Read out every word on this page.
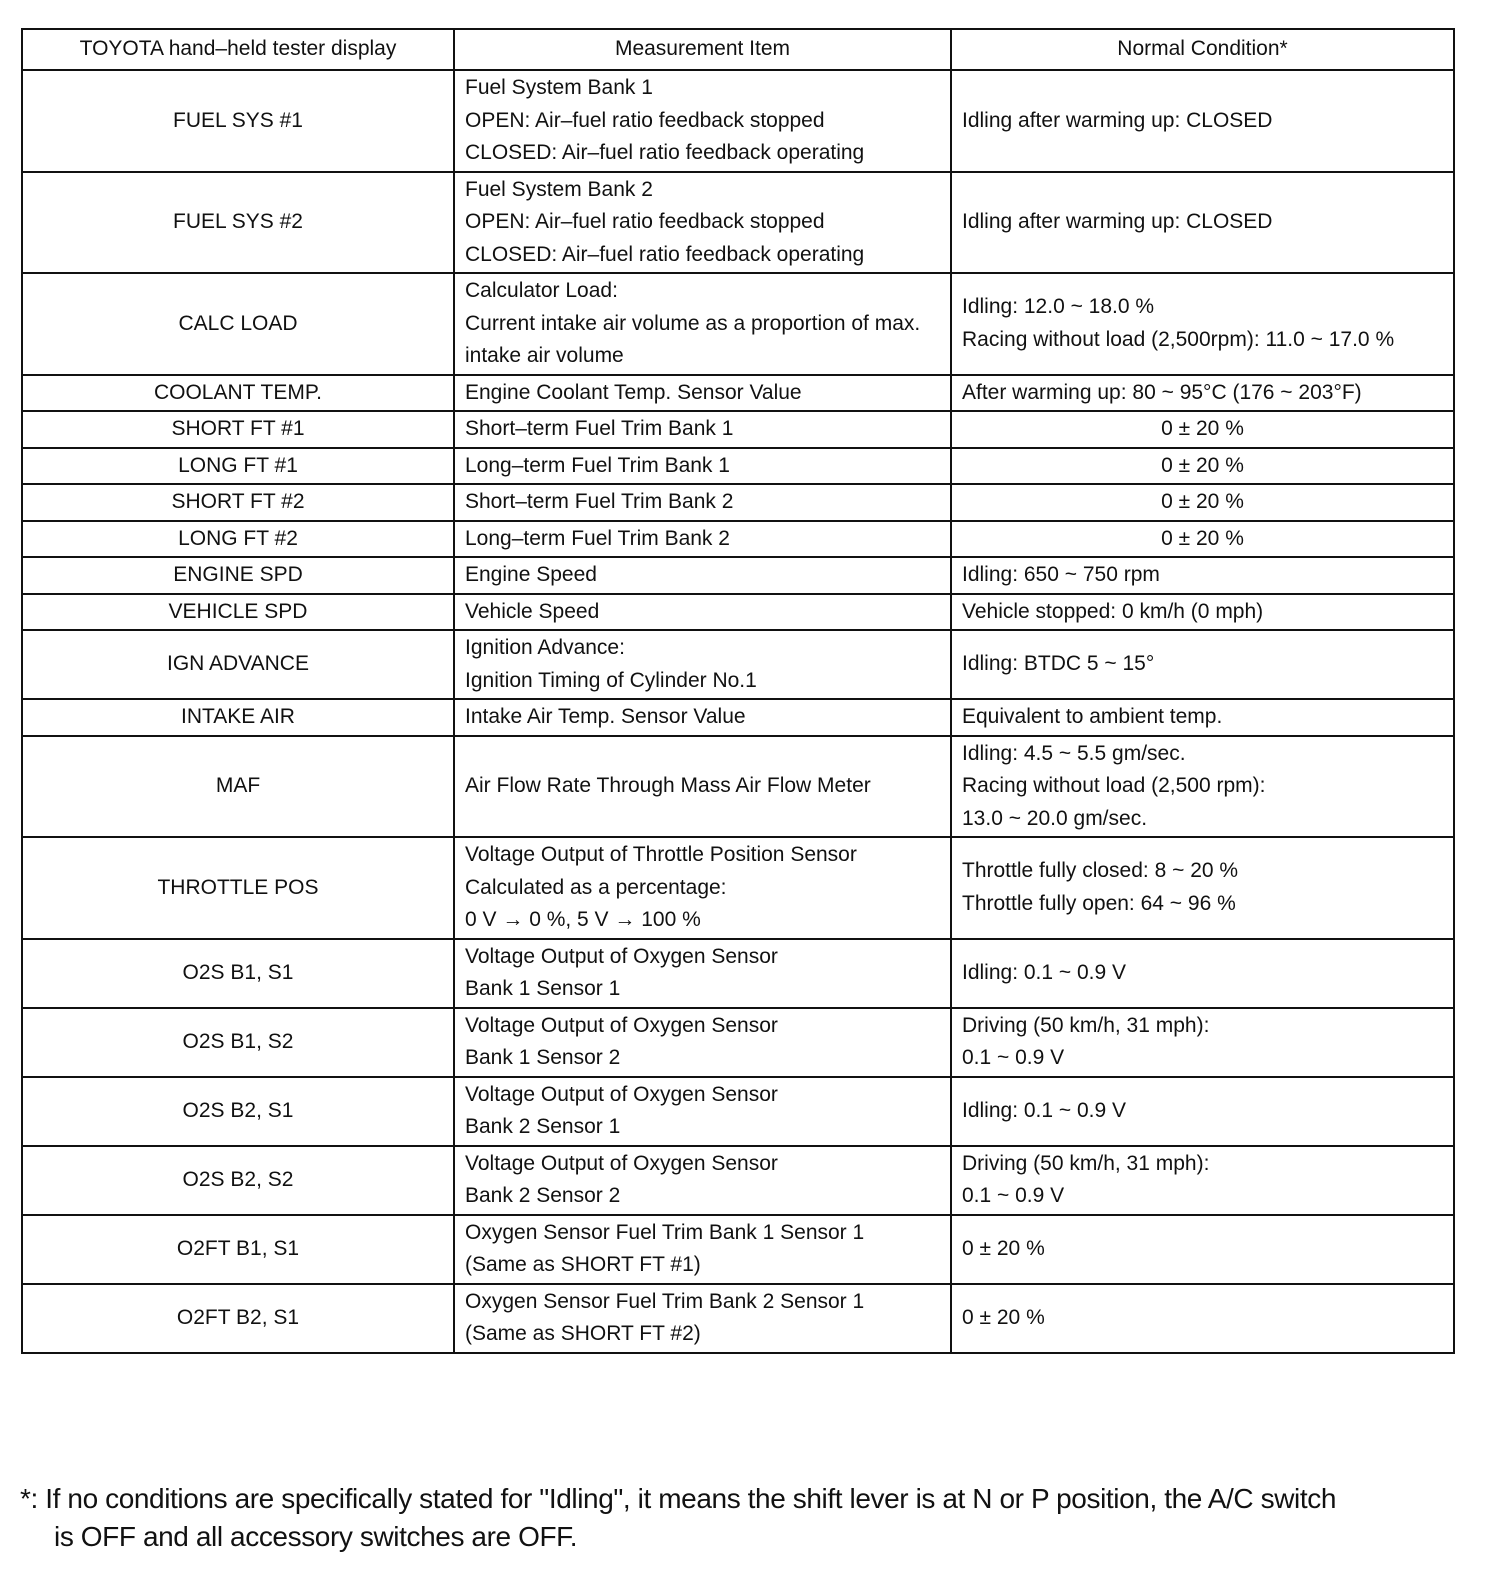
TOYOTA hand–held tester display	Measurement Item	Normal Condition*
FUEL SYS #1	Fuel System Bank 1
OPEN: Air–fuel ratio feedback stopped
CLOSED: Air–fuel ratio feedback operating	Idling after warming up: CLOSED

FUEL SYS #2	Fuel System Bank 2
OPEN: Air–fuel ratio feedback stopped
CLOSED: Air–fuel ratio feedback operating	Idling after warming up: CLOSED

CALC LOAD	Calculator Load:
Current intake air volume as a proportion of max.
intake air volume	Idling: 12.0 ~ 18.0 %
Racing without load (2,500rpm): 11.0 ~ 17.0 %

COOLANT TEMP.	Engine Coolant Temp. Sensor Value	After warming up: 80 ~ 95°C (176 ~ 203°F)

SHORT FT #1	Short–term Fuel Trim Bank 1	0 ± 20 %

LONG FT #1	Long–term Fuel Trim Bank 1	0 ± 20 %

SHORT FT #2	Short–term Fuel Trim Bank 2	0 ± 20 %

LONG FT #2	Long–term Fuel Trim Bank 2	0 ± 20 %

ENGINE SPD	Engine Speed	Idling: 650 ~ 750 rpm

VEHICLE SPD	Vehicle Speed	Vehicle stopped: 0 km/h (0 mph)

IGN ADVANCE	Ignition Advance:
Ignition Timing of Cylinder No.1	Idling: BTDC 5 ~ 15°

INTAKE AIR	Intake Air Temp. Sensor Value	Equivalent to ambient temp.

MAF	Air Flow Rate Through Mass Air Flow Meter	Idling: 4.5 ~ 5.5 gm/sec.
Racing without load (2,500 rpm):
13.0 ~ 20.0 gm/sec.

THROTTLE POS	Voltage Output of Throttle Position Sensor
Calculated as a percentage:
0 V → 0 %, 5 V → 100 %	Throttle fully closed: 8 ~ 20 %
Throttle fully open: 64 ~ 96 %

O2S B1, S1	Voltage Output of Oxygen Sensor
Bank 1 Sensor 1	Idling: 0.1 ~ 0.9 V

O2S B1, S2	Voltage Output of Oxygen Sensor
Bank 1 Sensor 2	Driving (50 km/h, 31 mph):
0.1 ~ 0.9 V

O2S B2, S1	Voltage Output of Oxygen Sensor
Bank 2 Sensor 1	Idling: 0.1 ~ 0.9 V

O2S B2, S2	Voltage Output of Oxygen Sensor
Bank 2 Sensor 2	Driving (50 km/h, 31 mph):
0.1 ~ 0.9 V

O2FT B1, S1	Oxygen Sensor Fuel Trim Bank 1 Sensor 1
(Same as SHORT FT #1)	0 ± 20 %

O2FT B2, S1	Oxygen Sensor Fuel Trim Bank 2 Sensor 1
(Same as SHORT FT #2)	0 ± 20 %
*: If no conditions are specifically stated for "Idling", it means the shift lever is at N or P position, the A/C switch
is OFF and all accessory switches are OFF.
